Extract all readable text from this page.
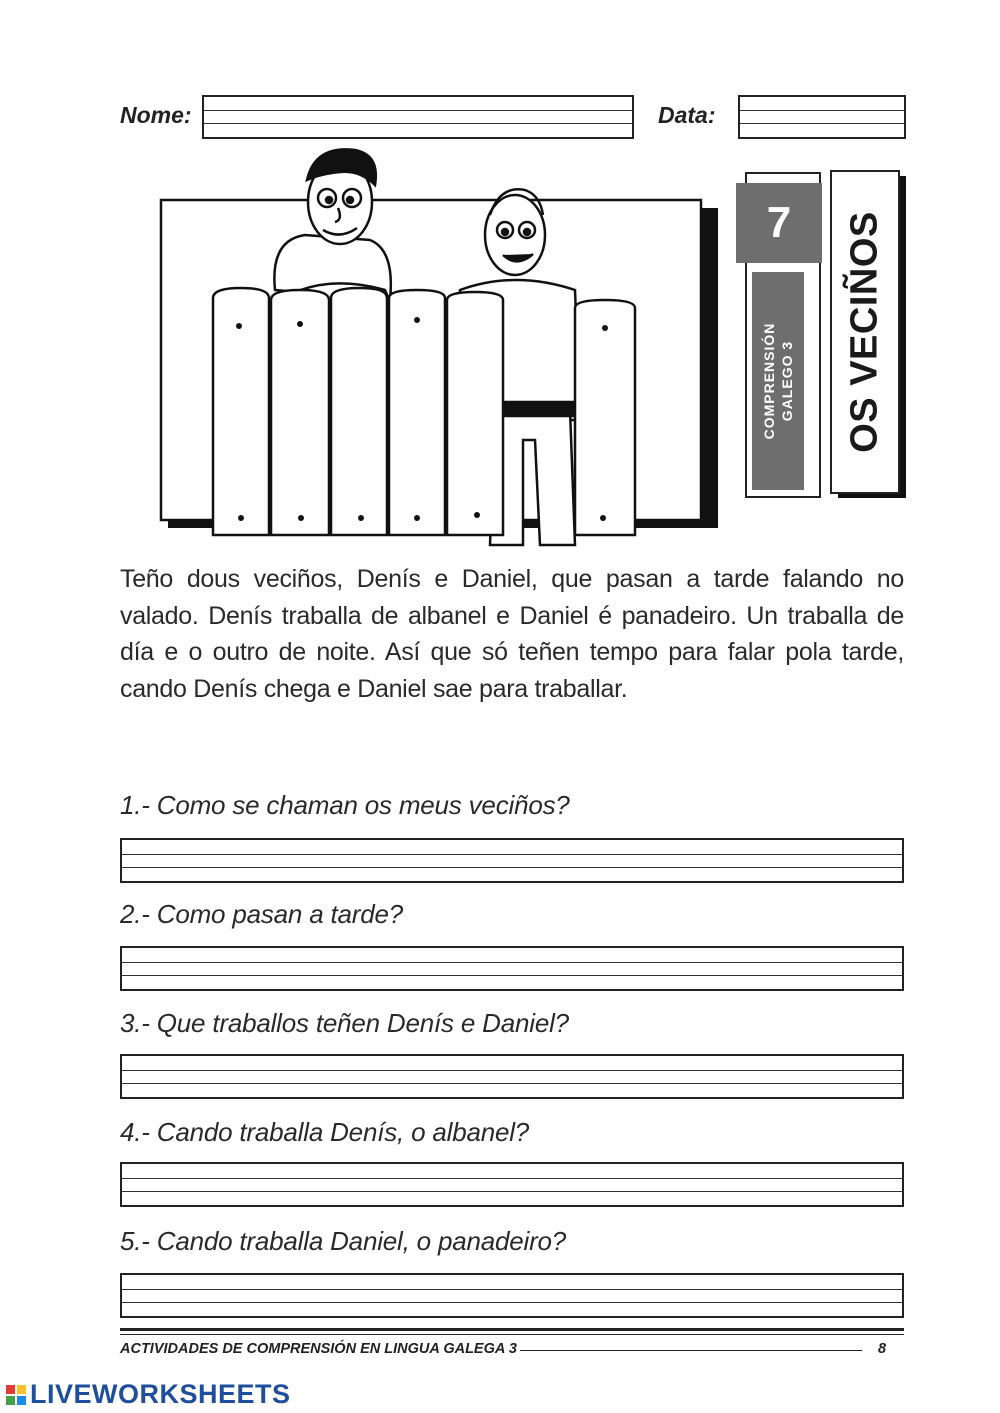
Nome:	Data:
7
COMPRENSIÓN GALEGO 3 OS VECIÑOS
Teño dous veciños, Denís e Daniel, que pasan a tarde falando no valado. Denís traballa de albanel e Daniel é panadeiro. Un traballa de día e o outro de noite. Así que só teñen tempo para falar pola tarde, cando Denís chega e Daniel sae para traballar.
1.- Como se chaman os meus veciños?
2.- Como pasan a tarde?
3.- Que traballos teñen Denís e Daniel?
4.- Cando traballa Denís, o albanel?
5.- Cando traballa Daniel, o panadeiro?
ACTIVIDADES DE COMPRENSIÓN EN LINGUA GALEGA 3	8
LIVEWORKSHEETS
